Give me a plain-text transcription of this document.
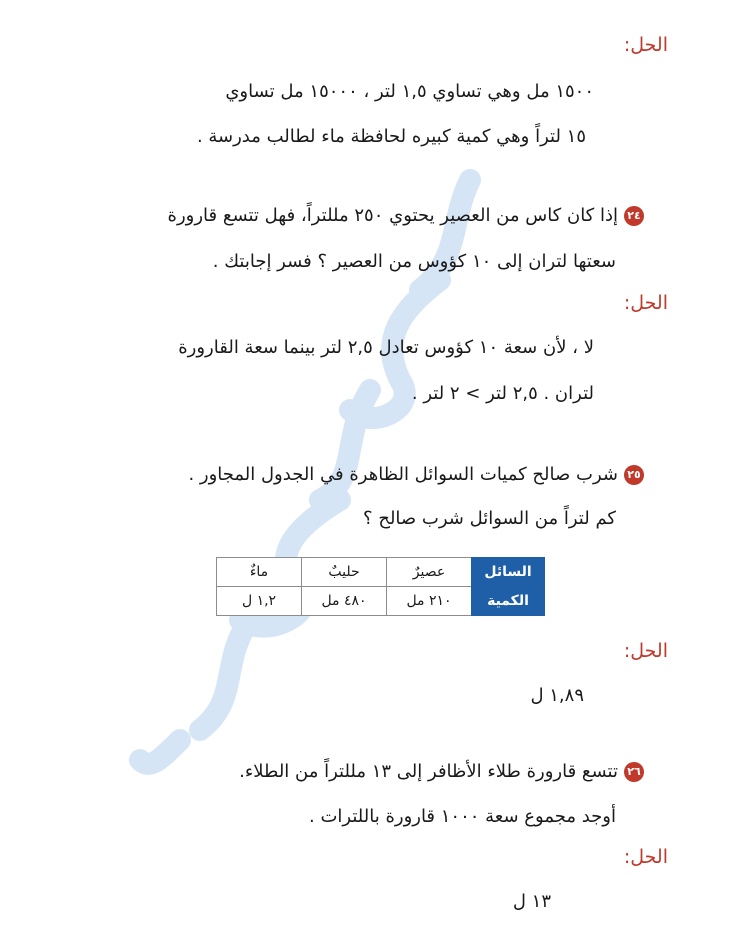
الحل:
١٥٠٠ مل وهي تساوي ١,٥ لتر ، ١٥٠٠٠ مل تساوي
١٥ لتراً وهي كمية كبيره لحافظة ماء لطالب مدرسة .
٢٤إذا كان كاس من العصير يحتوي ٢٥٠ مللتراً، فهل تتسع قارورة
سعتها لتران إلى ١٠ كؤوس من العصير ؟ فسر إجابتك .
الحل:
لا ، لأن سعة ١٠ كؤوس تعادل ٢,٥ لتر بينما سعة القارورة
لتران . ٢,٥ لتر > ٢ لتر .
٢٥شرب صالح كميات السوائل الظاهرة في الجدول المجاور .
كم لتراً من السوائل شرب صالح ؟
السائل	عصيرٌ	حليبٌ	ماءٌ
الكمية	٢١٠ مل	٤٨٠ مل	١,٢ ل
الحل:
١,٨٩ ل
٢٦تتسع قارورة طلاء الأظافر إلى ١٣ مللتراً من الطلاء.
أوجد مجموع سعة ١٠٠٠ قارورة باللترات .
الحل:
١٣ ل
